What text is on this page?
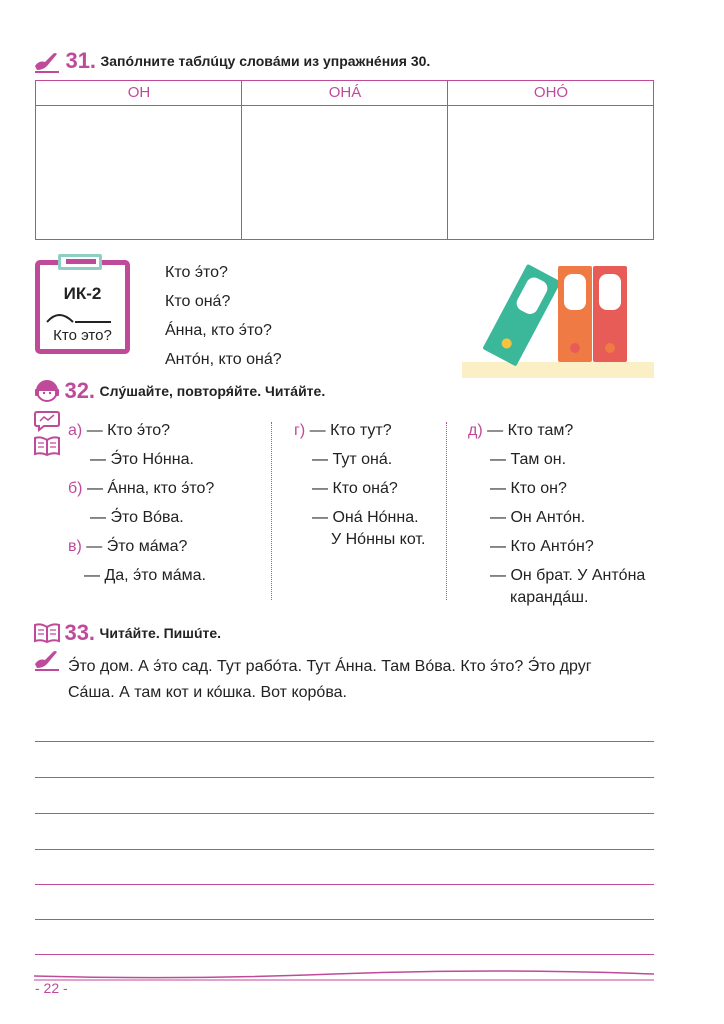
31. Запóлните таблúцу словáми из упражнéния 30.
ОН	ОНÁ	ОНÓ
ИК-2
Кто это?
Кто э́то?
Кто онá?
Áнна, кто э́то?
Антóн, кто онá?
32. Слýшайте, повторя́йте. Читáйте.
а) — Кто э́то?
— Э́то Нóнна.
б) — Áнна, кто э́то?
— Э́то Вóва.
в) — Э́то мáма?
— Да, э́то мáма.
г) — Кто тут?
— Тут онá.
— Кто онá?
— Онá Нóнна.
У Нóнны кот.
д) — Кто там?
— Там он.
— Кто он?
— Он Антóн.
— Кто Антóн?
— Он брат. У Антóна
карандáш.
33. Читáйте. Пишúте.
Э́то дом. А э́то сад. Тут рабóта. Тут Áнна. Там Вóва. Кто э́то? Э́то друг
Сáша. А там кот и кóшка. Вот корóва.
- 22 -
